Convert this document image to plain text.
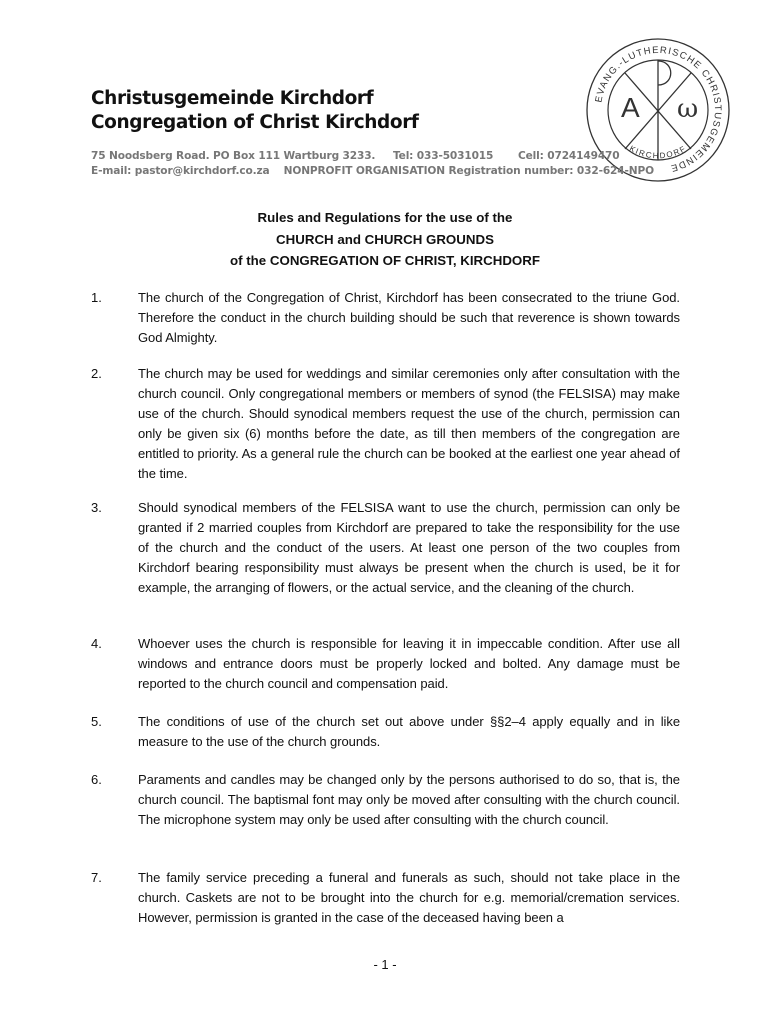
EVANG.-LUTHERISCHE CHRISTUSGEMEINDE
KIRCHDORF
A ω
Christusgemeinde Kirchdorf
Congregation of Christ Kirchdorf
75 Noodsberg Road. PO Box 111 Wartburg 3233.     Tel: 033-5031015       Cell: 0724149470
E-mail: pastor@kirchdorf.co.za    NONPROFIT ORGANISATION Registration number: 032-624-NPO
Rules and Regulations for the use of the
CHURCH and CHURCH GROUNDS
of the CONGREGATION OF CHRIST, KIRCHDORF
1.	The church of the Congregation of Christ, Kirchdorf has been consecrated to the triune God. Therefore the conduct in the church building should be such that reverence is shown towards God Almighty.
2.	The church may be used for weddings and similar ceremonies only after consultation with the church council. Only congregational members or members of synod (the FELSISA) may make use of the church. Should synodical members request the use of the church, permission can only be given six (6) months before the date, as till then members of the congregation are entitled to priority. As a general rule the church can be booked at the earliest one year ahead of the time.
3.	Should synodical members of the FELSISA want to use the church, permission can only be granted if 2 married couples from Kirchdorf are prepared to take the responsibility for the use of the church and the conduct of the users. At least one person of the two couples from Kirchdorf bearing responsibility must always be present when the church is used, be it for example, the arranging of flowers, or the actual service, and the cleaning of the church.
4.	Whoever uses the church is responsible for leaving it in impeccable condition. After use all windows and entrance doors must be properly locked and bolted. Any damage must be reported to the church council and compensation paid.
5.	The conditions of use of the church set out above under §§2–4 apply equally and in like measure to the use of the church grounds.
6.	Paraments and candles may be changed only by the persons authorised to do so, that is, the church council. The baptismal font may only be moved after consulting with the church council. The microphone system may only be used after consulting with the church council.
7.	The family service preceding a funeral and funerals as such, should not take place in the church. Caskets are not to be brought into the church for e.g. memorial/cremation services. However, permission is granted in the case of the deceased having been a
- 1 -
